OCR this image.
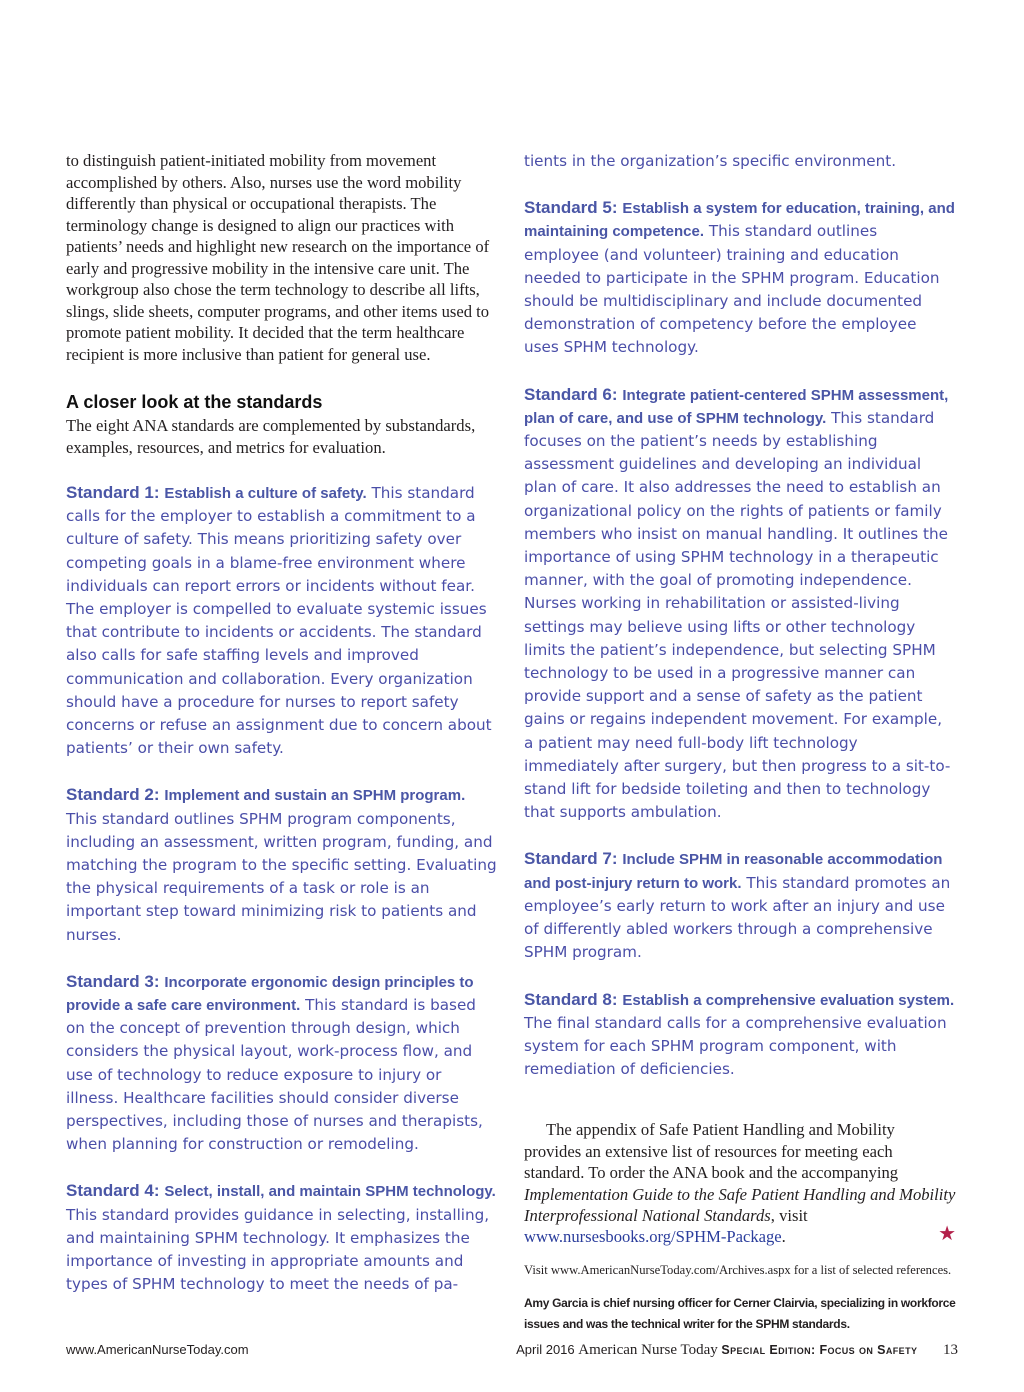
to distinguish patient-initiated mobility from movement accomplished by others. Also, nurses use the word mobility differently than physical or occupational therapists. The terminology change is designed to align our practices with patients’ needs and highlight new research on the importance of early and progressive mobility in the intensive care unit. The workgroup also chose the term technology to describe all lifts, slings, slide sheets, computer programs, and other items used to promote patient mobility. It decided that the term healthcare recipient is more inclusive than patient for general use.

A closer look at the standards

The eight ANA standards are complemented by substandards, examples, resources, and metrics for evaluation.

Standard 1: Establish a culture of safety. This standard calls for the employer to establish a commitment to a culture of safety. This means prioritizing safety over competing goals in a blame-free environment where individuals can report errors or incidents without fear. The employer is compelled to evaluate systemic issues that contribute to incidents or accidents. The standard also calls for safe staffing levels and improved communication and collaboration. Every organization should have a procedure for nurses to report safety concerns or refuse an assignment due to concern about patients’ or their own safety.

Standard 2: Implement and sustain an SPHM program. This standard outlines SPHM program components, including an assessment, written program, funding, and matching the program to the specific setting. Evaluating the physical requirements of a task or role is an important step toward minimizing risk to patients and nurses.

Standard 3: Incorporate ergonomic design principles to provide a safe care environment. This standard is based on the concept of prevention through design, which considers the physical layout, work-process flow, and use of technology to reduce exposure to injury or illness. Healthcare facilities should consider diverse perspectives, including those of nurses and therapists, when planning for construction or remodeling.

Standard 4: Select, install, and maintain SPHM technology. This standard provides guidance in selecting, installing, and maintaining SPHM technology. It emphasizes the importance of investing in appropriate amounts and types of SPHM technology to meet the needs of pa-

tients in the organization’s specific environment.

Standard 5: Establish a system for education, training, and maintaining competence. This standard outlines employee (and volunteer) training and education needed to participate in the SPHM program. Education should be multidisciplinary and include documented demonstration of competency before the employee uses SPHM technology.

Standard 6: Integrate patient-centered SPHM assessment, plan of care, and use of SPHM technology. This standard focuses on the patient’s needs by establishing assessment guidelines and developing an individual plan of care. It also addresses the need to establish an organizational policy on the rights of patients or family members who insist on manual handling. It outlines the importance of using SPHM technology in a therapeutic manner, with the goal of promoting independence. Nurses working in rehabilitation or assisted-living settings may believe using lifts or other technology limits the patient’s independence, but selecting SPHM technology to be used in a progressive manner can provide support and a sense of safety as the patient gains or regains independent movement. For example, a patient may need full-body lift technology immediately after surgery, but then progress to a sit-to-stand lift for bedside toileting and then to technology that supports ambulation.

Standard 7: Include SPHM in reasonable accommodation and post-injury return to work. This standard promotes an employee’s early return to work after an injury and use of differently abled workers through a comprehensive SPHM program.

Standard 8: Establish a comprehensive evaluation system. The final standard calls for a comprehensive evaluation system for each SPHM program component, with remediation of deficiencies.

The appendix of Safe Patient Handling and Mobility provides an extensive list of resources for meeting each standard. To order the ANA book and the accompanying Implementation Guide to the Safe Patient Handling and Mobility Interprofessional National Standards, visit www.nursesbooks.org/SPHM-Package.	★

Visit www.AmericanNurseToday.com/Archives.aspx for a list of selected references.

Amy Garcia is chief nursing officer for Cerner Clairvia, specializing in workforce issues and was the technical writer for the SPHM standards.

www.AmericanNurseToday.com	April 2016 American Nurse Today Special Edition: Focus on Safety 13
